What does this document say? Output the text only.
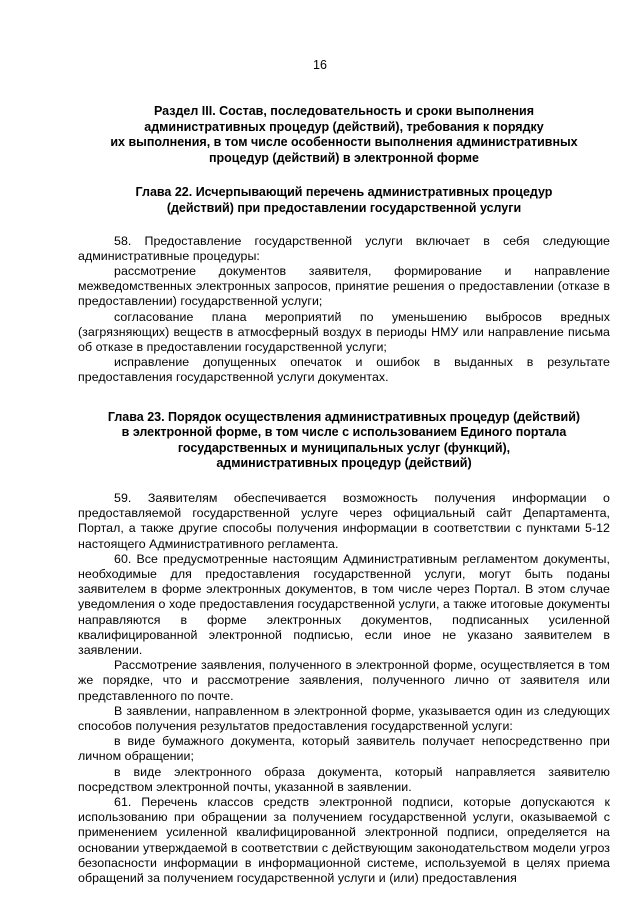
16
Раздел III. Состав, последовательность и сроки выполнения
административных процедур (действий), требования к порядку
их выполнения, в том числе особенности выполнения административных
процедур (действий) в электронной форме
Глава 22. Исчерпывающий перечень административных процедур
(действий) при предоставлении государственной услуги

58. Предоставление государственной услуги включает в себя следующие административные процедуры:

рассмотрение документов заявителя, формирование и направление межведомственных электронных запросов, принятие решения о предоставлении (отказе в предоставлении) государственной услуги;

согласование плана мероприятий по уменьшению выбросов вредных (загрязняющих) веществ в атмосферный воздух в периоды НМУ или направление письма об отказе в предоставлении государственной услуги;

исправление допущенных опечаток и ошибок в выданных в результате предоставления государственной услуги документах.

Глава 23. Порядок осуществления административных процедур (действий)
в электронной форме, в том числе с использованием Единого портала
государственных и муниципальных услуг (функций),
административных процедур (действий)

59. Заявителям обеспечивается возможность получения информации о предоставляемой государственной услуге через официальный сайт Департамента, Портал, а также другие способы получения информации в соответствии с пунктами 5-12 настоящего Административного регламента.

60. Все предусмотренные настоящим Административным регламентом документы, необходимые для предоставления государственной услуги, могут быть поданы заявителем в форме электронных документов, в том числе через Портал. В этом случае уведомления о ходе предоставления государственной услуги, а также итоговые документы направляются в форме электронных документов, подписанных усиленной квалифицированной электронной подписью, если иное не указано заявителем в заявлении.

Рассмотрение заявления, полученного в электронной форме, осуществляется в том же порядке, что и рассмотрение заявления, полученного лично от заявителя или представленного по почте.

В заявлении, направленном в электронной форме, указывается один из следующих способов получения результатов предоставления государственной услуги:

в виде бумажного документа, который заявитель получает непосредственно при личном обращении;

в виде электронного образа документа, который направляется заявителю посредством электронной почты, указанной в заявлении.

61. Перечень классов средств электронной подписи, которые допускаются к использованию при обращении за получением государственной услуги, оказываемой с применением усиленной квалифицированной электронной подписи, определяется на основании утверждаемой в соответствии с действующим законодательством модели угроз безопасности информации в информационной системе, используемой в целях приема обращений за получением государственной услуги и (или) предоставления
